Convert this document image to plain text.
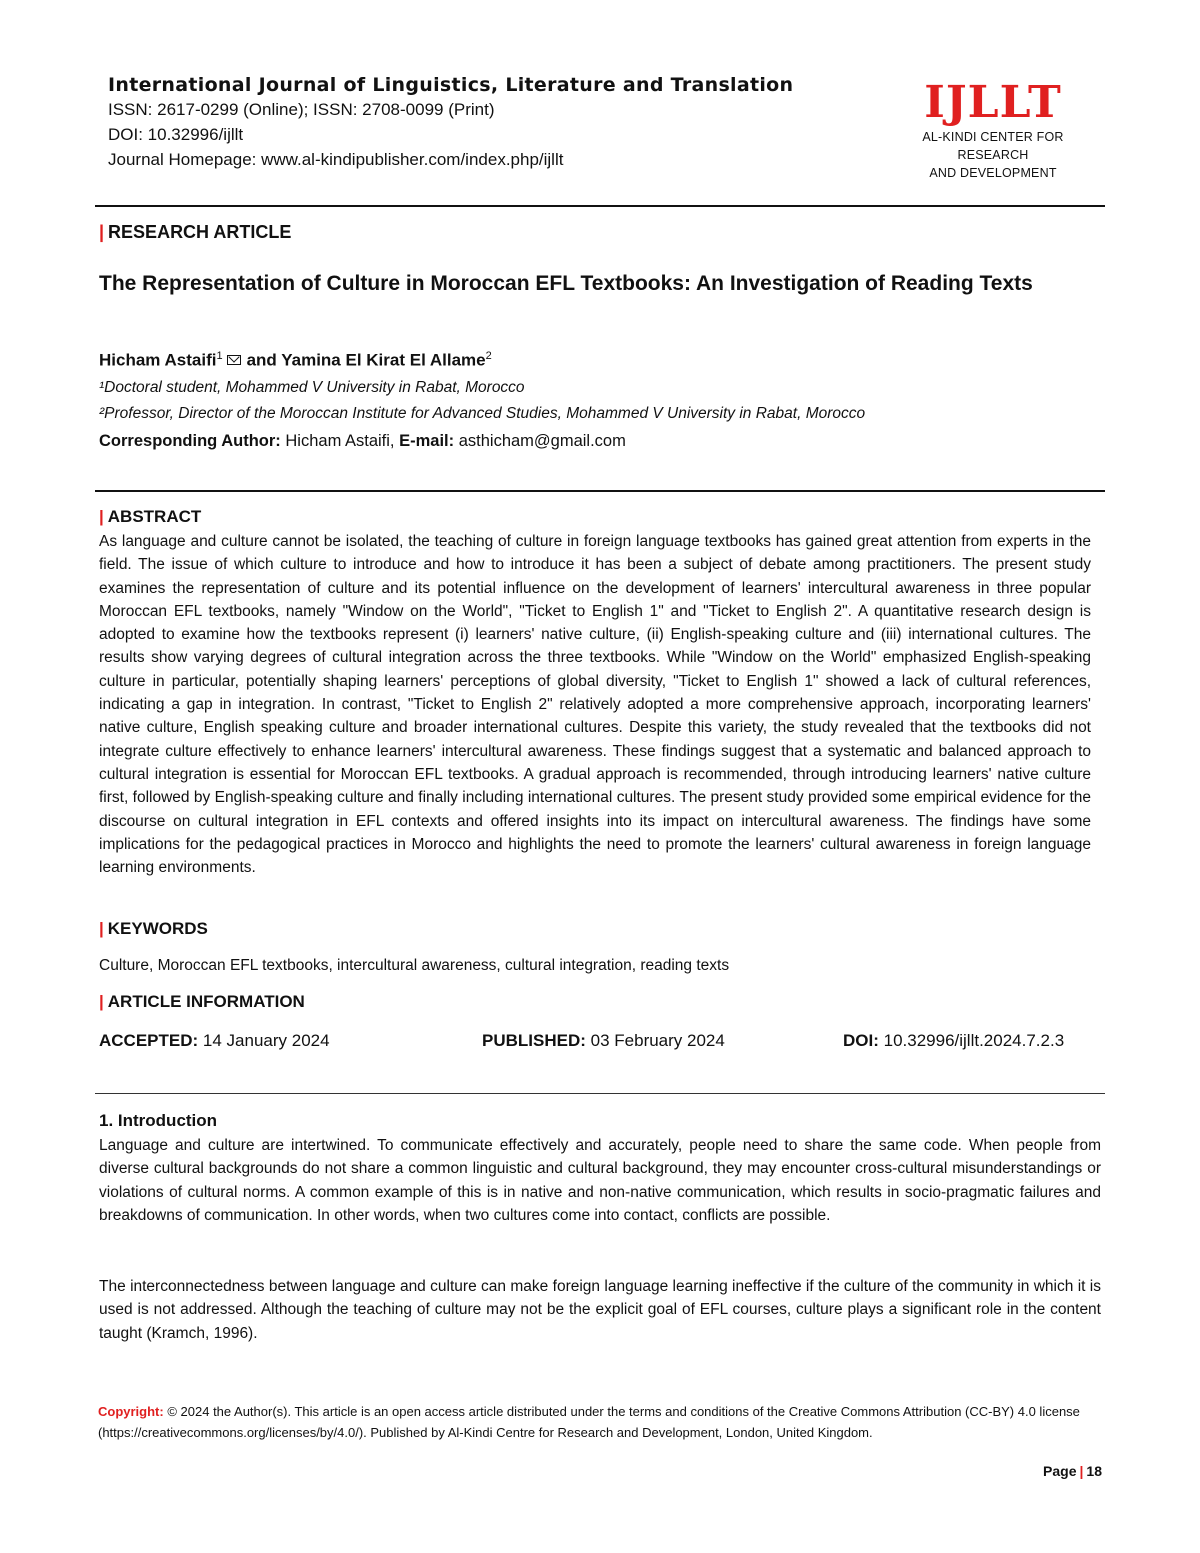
International Journal of Linguistics, Literature and Translation

ISSN: 2617-0299 (Online); ISSN: 2708-0099 (Print)

DOI: 10.32996/ijllt

Journal Homepage: www.al-kindipublisher.com/index.php/ijllt

IJLLT
AL-KINDI CENTER FOR RESEARCH
AND DEVELOPMENT
| RESEARCH ARTICLE
The Representation of Culture in Moroccan EFL Textbooks: An Investigation of Reading Texts
Hicham Astaifi$^1$ and Yamina El Kirat El Allame$^2$
¹Doctoral student, Mohammed V University in Rabat, Morocco
²Professor, Director of the Moroccan Institute for Advanced Studies, Mohammed V University in Rabat, Morocco
Corresponding Author: Hicham Astaifi, E-mail: asthicham@gmail.com
| ABSTRACT

As language and culture cannot be isolated, the teaching of culture in foreign language textbooks has gained great attention from experts in the field. The issue of which culture to introduce and how to introduce it has been a subject of debate among practitioners. The present study examines the representation of culture and its potential influence on the development of learners' intercultural awareness in three popular Moroccan EFL textbooks, namely "Window on the World", "Ticket to English 1" and "Ticket to English 2". A quantitative research design is adopted to examine how the textbooks represent (i) learners' native culture, (ii) English-speaking culture and (iii) international cultures. The results show varying degrees of cultural integration across the three textbooks. While "Window on the World" emphasized English-speaking culture in particular, potentially shaping learners' perceptions of global diversity, "Ticket to English 1" showed a lack of cultural references, indicating a gap in integration. In contrast, "Ticket to English 2" relatively adopted a more comprehensive approach, incorporating learners' native culture, English speaking culture and broader international cultures. Despite this variety, the study revealed that the textbooks did not integrate culture effectively to enhance learners' intercultural awareness. These findings suggest that a systematic and balanced approach to cultural integration is essential for Moroccan EFL textbooks. A gradual approach is recommended, through introducing learners' native culture first, followed by English-speaking culture and finally including international cultures. The present study provided some empirical evidence for the discourse on cultural integration in EFL contexts and offered insights into its impact on intercultural awareness. The findings have some implications for the pedagogical practices in Morocco and highlights the need to promote the learners' cultural awareness in foreign language learning environments.

| KEYWORDS
Culture, Moroccan EFL textbooks, intercultural awareness, cultural integration, reading texts
| ARTICLE INFORMATION
ACCEPTED: 14 January 2024	PUBLISHED: 03 February 2024	DOI: 10.32996/ijllt.2024.7.2.3
1. Introduction

Language and culture are intertwined. To communicate effectively and accurately, people need to share the same code. When people from diverse cultural backgrounds do not share a common linguistic and cultural background, they may encounter cross-cultural misunderstandings or violations of cultural norms. A common example of this is in native and non-native communication, which results in socio-pragmatic failures and breakdowns of communication. In other words, when two cultures come into contact, conflicts are possible.

The interconnectedness between language and culture can make foreign language learning ineffective if the culture of the community in which it is used is not addressed. Although the teaching of culture may not be the explicit goal of EFL courses, culture plays a significant role in the content taught (Kramch, 1996).

Copyright: © 2024 the Author(s). This article is an open access article distributed under the terms and conditions of the Creative Commons Attribution (CC-BY) 4.0 license (https://creativecommons.org/licenses/by/4.0/). Published by Al-Kindi Centre for Research and Development, London, United Kingdom.

Page | 18
